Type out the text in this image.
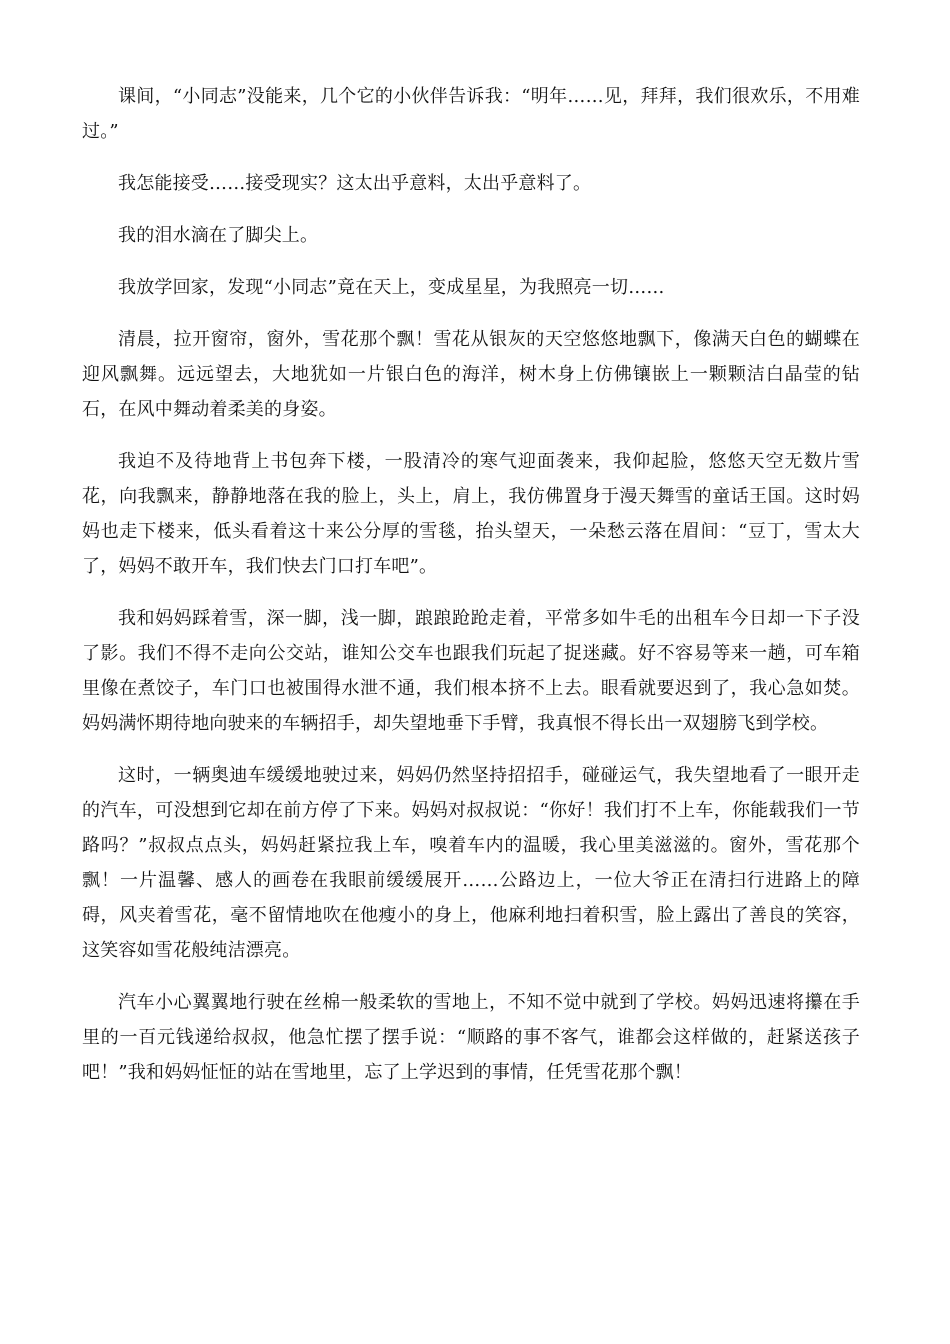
课间，“小同志”没能来，几个它的小伙伴告诉我：“明年……见，拜拜，我们很欢乐，不用难过。”

我怎能接受……接受现实？这太出乎意料，太出乎意料了。

我的泪水滴在了脚尖上。

我放学回家，发现“小同志”竟在天上，变成星星，为我照亮一切……

清晨，拉开窗帘，窗外，雪花那个飘！雪花从银灰的天空悠悠地飘下，像满天白色的蝴蝶在迎风飘舞。远远望去，大地犹如一片银白色的海洋，树木身上仿佛镶嵌上一颗颗洁白晶莹的钻石，在风中舞动着柔美的身姿。

我迫不及待地背上书包奔下楼，一股清冷的寒气迎面袭来，我仰起脸，悠悠天空无数片雪花，向我飘来，静静地落在我的脸上，头上，肩上，我仿佛置身于漫天舞雪的童话王国。这时妈妈也走下楼来，低头看着这十来公分厚的雪毯，抬头望天，一朵愁云落在眉间：“豆丁，雪太大了，妈妈不敢开车，我们快去门口打车吧”。

我和妈妈踩着雪，深一脚，浅一脚，踉踉跄跄走着，平常多如牛毛的出租车今日却一下子没了影。我们不得不走向公交站，谁知公交车也跟我们玩起了捉迷藏。好不容易等来一趟，可车箱里像在煮饺子，车门口也被围得水泄不通，我们根本挤不上去。眼看就要迟到了，我心急如焚。妈妈满怀期待地向驶来的车辆招手，却失望地垂下手臂，我真恨不得长出一双翅膀飞到学校。

这时，一辆奥迪车缓缓地驶过来，妈妈仍然坚持招招手，碰碰运气，我失望地看了一眼开走的汽车，可没想到它却在前方停了下来。妈妈对叔叔说：“你好！我们打不上车，你能载我们一节路吗？”叔叔点点头，妈妈赶紧拉我上车，嗅着车内的温暖，我心里美滋滋的。窗外，雪花那个飘！一片温馨、感人的画卷在我眼前缓缓展开……公路边上，一位大爷正在清扫行进路上的障碍，风夹着雪花，毫不留情地吹在他瘦小的身上，他麻利地扫着积雪，脸上露出了善良的笑容，这笑容如雪花般纯洁漂亮。

汽车小心翼翼地行驶在丝棉一般柔软的雪地上，不知不觉中就到了学校。妈妈迅速将攥在手里的一百元钱递给叔叔，他急忙摆了摆手说：“顺路的事不客气，谁都会这样做的，赶紧送孩子吧！”我和妈妈怔怔的站在雪地里，忘了上学迟到的事情，任凭雪花那个飘！
